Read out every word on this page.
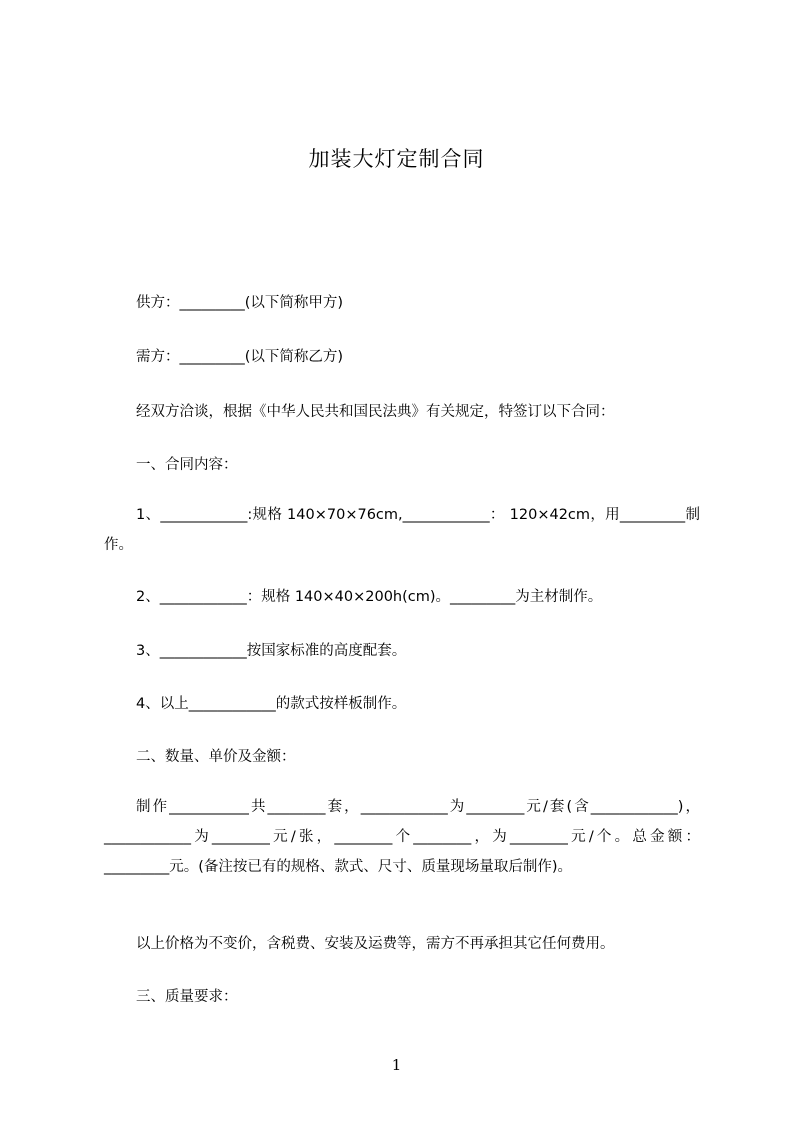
加装大灯定制合同
供方：_________(以下简称甲方)
需方：_________(以下简称乙方)
经双方洽谈，根据《中华人民共和国民法典》有关规定，特签订以下合同：
一、合同内容：
1、____________:规格 140×70×76cm,____________： 120×42cm，用_________制作。
2、____________：规格 140×40×200h(cm)。_________为主材制作。
3、____________按国家标准的高度配套。
4、以上____________的款式按样板制作。
二、数量、单价及金额：
制作___________共________套，____________为________元/套(含____________)，____________为________元/张，________个________，为________元/个。总金额：_________元。(备注按已有的规格、款式、尺寸、质量现场量取后制作)。
以上价格为不变价，含税费、安装及运费等，需方不再承担其它任何费用。
三、质量要求：
1
